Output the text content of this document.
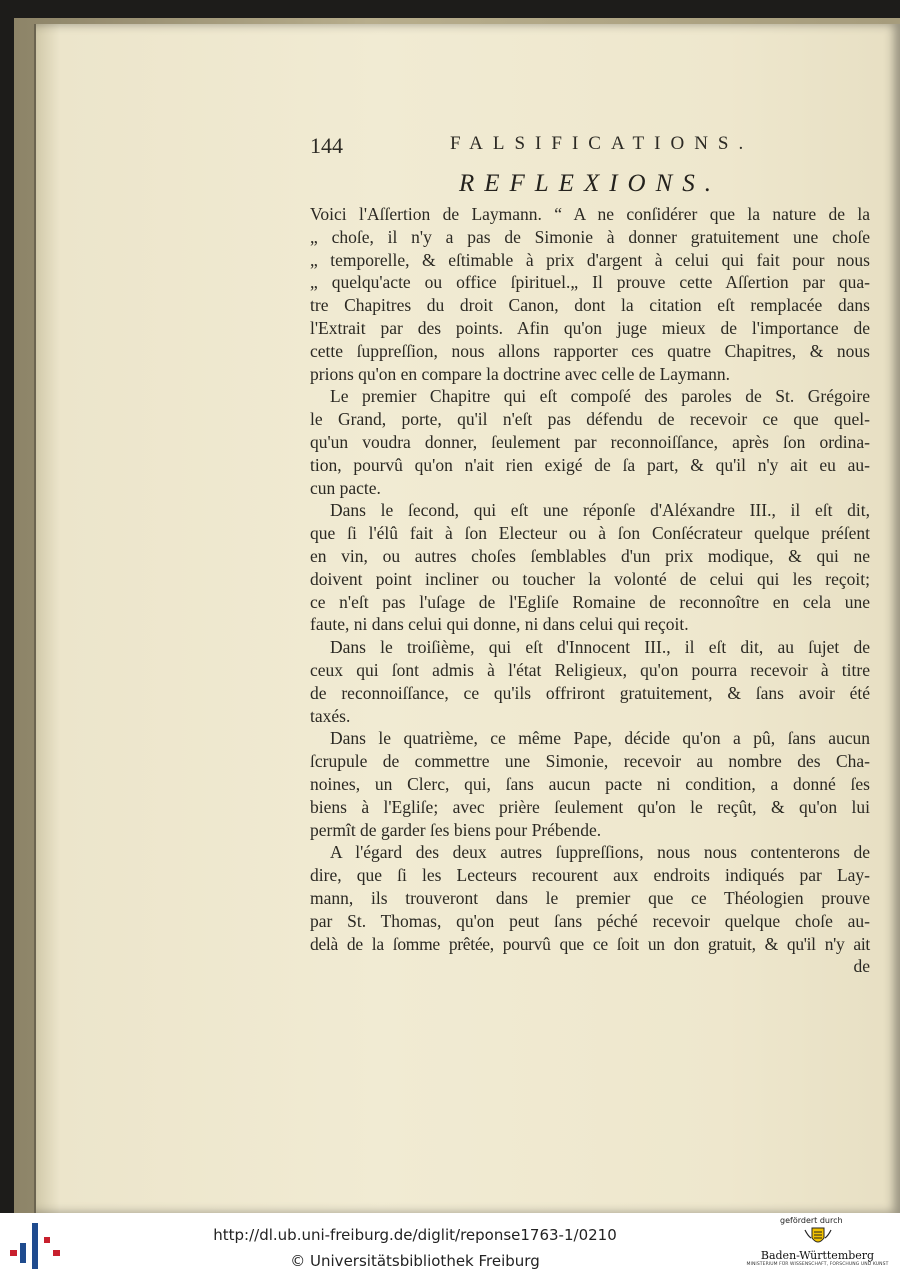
144	FALSIFICATIONS.
REFLEXIONS.
Voici l'Aſſertion de Laymann. “ A ne conſidérer que la nature de la
„ choſe, il n'y a pas de Simonie à donner gratuitement une choſe
„ temporelle, & eſtimable à prix d'argent à celui qui fait pour nous
„ quelqu'acte ou office ſpirituel.„ Il prouve cette Aſſertion par qua-
tre Chapitres du droit Canon, dont la citation eſt remplacée dans
l'Extrait par des points. Afin qu'on juge mieux de l'importance de
cette ſuppreſſion, nous allons rapporter ces quatre Chapitres, & nous
prions qu'on en compare la doctrine avec celle de Laymann.
Le premier Chapitre qui eſt compoſé des paroles de St. Grégoire
le Grand, porte, qu'il n'eſt pas défendu de recevoir ce que quel-
qu'un voudra donner, ſeulement par reconnoiſſance, après ſon ordina-
tion, pourvû qu'on n'ait rien exigé de ſa part, & qu'il n'y ait eu au-
cun pacte.
Dans le ſecond, qui eſt une réponſe d'Aléxandre III., il eſt dit,
que ſi l'élû fait à ſon Electeur ou à ſon Conſécrateur quelque préſent
en vin, ou autres choſes ſemblables d'un prix modique, & qui ne
doivent point incliner ou toucher la volonté de celui qui les reçoit;
ce n'eſt pas l'uſage de l'Egliſe Romaine de reconnoître en cela une
faute, ni dans celui qui donne, ni dans celui qui reçoit.
Dans le troiſième, qui eſt d'Innocent III., il eſt dit, au ſujet de
ceux qui ſont admis à l'état Religieux, qu'on pourra recevoir à titre
de reconnoiſſance, ce qu'ils offriront gratuitement, & ſans avoir été
taxés.
Dans le quatrième, ce même Pape, décide qu'on a pû, ſans aucun
ſcrupule de commettre une Simonie, recevoir au nombre des Cha-
noines, un Clerc, qui, ſans aucun pacte ni condition, a donné ſes
biens à l'Egliſe; avec prière ſeulement qu'on le reçût, & qu'on lui
permît de garder ſes biens pour Prébende.
A l'égard des deux autres ſuppreſſions, nous nous contenterons de
dire, que ſi les Lecteurs recourent aux endroits indiqués par Lay-
mann, ils trouveront dans le premier que ce Théologien prouve
par St. Thomas, qu'on peut ſans péché recevoir quelque choſe au-
delà de la ſomme prêtée, pourvû que ce ſoit un don gratuit, & qu'il n'y ait
de
http://dl.ub.uni-freiburg.de/diglit/reponse1763-1/0210
© Universitätsbibliothek Freiburg
gefördert durch
Baden-Württemberg
MINISTERIUM FÜR WISSENSCHAFT, FORSCHUNG UND KUNST
